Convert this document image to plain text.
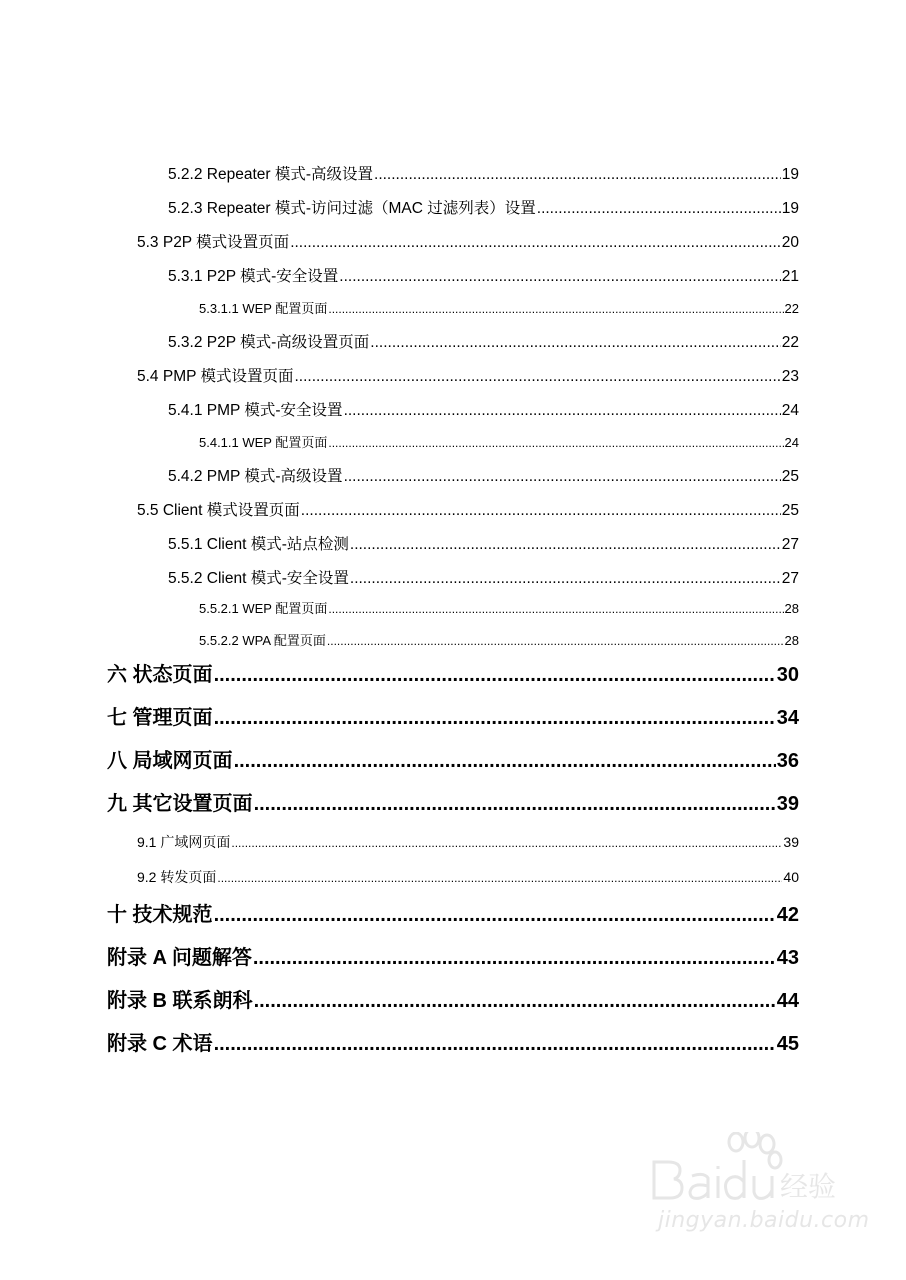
5.2.2 Repeater 模式-高级设置 .....	19
5.2.3 Repeater 模式-访问过滤（MAC 过滤列表）设置 .....	19
5.3 P2P 模式设置页面 .....	20
5.3.1 P2P 模式-安全设置 .....	21
5.3.1.1 WEP 配置页面 .....	22
5.3.2 P2P 模式-高级设置页面 .....	22
5.4 PMP 模式设置页面 .....	23
5.4.1 PMP 模式-安全设置 .....	24
5.4.1.1 WEP 配置页面 .....	24
5.4.2 PMP 模式-高级设置 .....	25
5.5 Client 模式设置页面 .....	25
5.5.1 Client 模式-站点检测 .....	27
5.5.2 Client 模式-安全设置 .....	27
5.5.2.1 WEP 配置页面 .....	28
5.5.2.2 WPA 配置页面 .....	28
六 状态页面 .....	30
七 管理页面 .....	34
八 局域网页面 .....	36
九 其它设置页面 .....	39
9.1 广域网页面 .....	39
9.2 转发页面 .....	40
十 技术规范 .....	42
附录 A 问题解答 .....	43
附录 B 联系朗科 .....	44
附录 C 术语 .....	45
经验
jingyan.baidu.com
